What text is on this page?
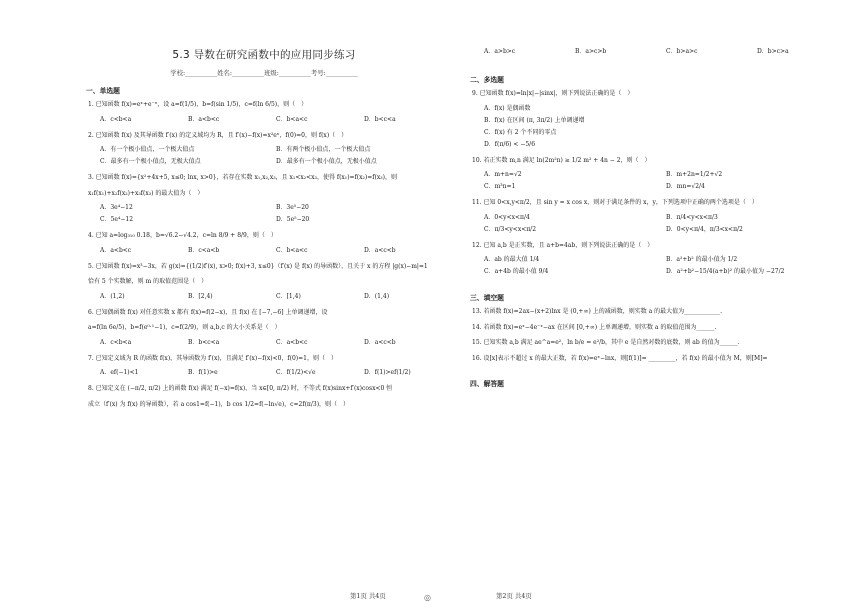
5.3 导数在研究函数中的应用同步练习
学校:__________姓名:__________班级:__________考号:__________
一、单选题
1. 已知函数 f(x)=eˣ+e⁻ˣ，设 a=f(1/5)，b=f(sin 1/5)，c=f(ln 6/5)，则（　）
A．c<b<a	B．a<b<c	C．b<a<c	D．b<c<a
2. 已知函数 f(x) 及其导函数 f′(x) 的定义域均为 R，且 f′(x)−f(x)=x²eˣ，f(0)=0，则 f(x)（　）
A．有一个极小值点，一个极大值点	B．有两个极小值点，一个极大值点
C．最多有一个极小值点，无极大值点	D．最多有一个极小值点，无极小值点
3. 已知函数 f(x)={x²+4x+5, x≤0; lnx, x>0}，若存在实数 x₁,x₂,x₃，且 x₁<x₂<x₃，使得 f(x₁)=f(x₂)=f(x₃)，则
x₁f(x₁)+x₂f(x₂)+x₃f(x₃) 的最大值为（　）
A．3e⁴−12	B．3e⁵−20
C．5e⁴−12	D．5e⁵−20
4. 已知 a=log₃₁₀ 0.18，b=√6.2−√4.2，c=ln 8/9 + 8/9，则（　）
A．a<b<c	B．c<a<b	C．b<a<c	D．a<c<b
5. 已知函数 f(x)=x³−3x，若 g(x)={(1/2)f′(x), x>0; f(x)+3, x≤0}（f′(x) 是 f(x) 的导函数），且关于 x 的方程 |g(x)−m|=1
恰有 5 个实数解，则 m 的取值范围是（　）
A．(1,2)	B．[2,4)	C．[1,4)	D．(1,4)
6. 已知偶函数 f(x) 对任意实数 x 都有 f(x)=f(2−x)，且 f(x) 在 [−7,−6] 上单调递增，设
a=f(ln 6e/5)，b=f(e⁰·¹−1)，c=f(2/9)，则 a,b,c 的大小关系是（　）
A．c<b<a	B．b<c<a	C．a<b<c	D．a<c<b
7. 已知定义域为 R 的函数 f(x)，其导函数为 f′(x)，且满足 f′(x)−f(x)<0，f(0)=1，则（　）
A．ef(−1)<1	B．f(1)>e	C．f(1/2)<√e	D．f(1)>ef(1/2)
8. 已知定义在 (−π/2, π/2) 上的函数 f(x) 满足 f(−x)=f(x)，当 x∈[0, π/2) 时，不等式 f(x)sinx+f′(x)cosx<0 恒
成立（f′(x) 为 f(x) 的导函数），若 a cos1=f(−1)，b cos 1/2=f(−ln√e)，c=2f(π/3)，则（　）
A．a>b>c	B．a>c>b	C．b>a>c	D．b>c>a
二、多选题
9. 已知函数 f(x)=ln|x|−|sinx|，则下列说法正确的是（　）
A．f(x) 是偶函数
B．f(x) 在区间 (π, 3π/2) 上单调递增
C．f(x) 有 2 个不同的零点
D．f(π/6) < −5/6
10. 若正实数 m,n 满足 ln(2m²n) ≥ 1/2 m² + 4n − 2，则（　）
A．m+n=√2	B．m+2n=1/2+√2
C．m³n=1	D．mn=√2/4
11. 已知 0<x,y<π/2，且 sin y = x cos x，则对于满足条件的 x，y，下列选项中正确的两个选项是（　）
A．0<y<x<π/4	B．π/4<y<x<π/3
C．π/3<y<x<π/2	D．0<y<π/4，π/3<x<π/2
12. 已知 a,b 是正实数，且 a+b=4ab，则下列说法正确的是（　）
A．ab 的最大值 1/4	B．a²+b² 的最小值为 1/2
C．a+4b 的最小值 9/4	D．a²+b²−15/4(a+b)² 的最小值为 −27/2
三、填空题
13. 若函数 f(x)=2ax−(x+2)lnx 是 (0,+∞) 上的减函数，则实数 a 的最大值为____________.
14. 若函数 f(x)=eˣ−4e⁻ˣ−ax 在区间 [0,+∞) 上单调递增，则实数 a 的取值范围为______.
15. 已知实数 a,b 满足 ae^a=e²，ln b/e = e²/b，其中 e 是自然对数的底数，则 ab 的值为______.
16. 设[x]表示不超过 x 的最大正数，若 f(x)=eˣ−lnx，则[f(1)]= _________，若 f(x) 的最小值为 M，则[M]=
四、解答题
第1页 共4页	◎	第2页 共4页
